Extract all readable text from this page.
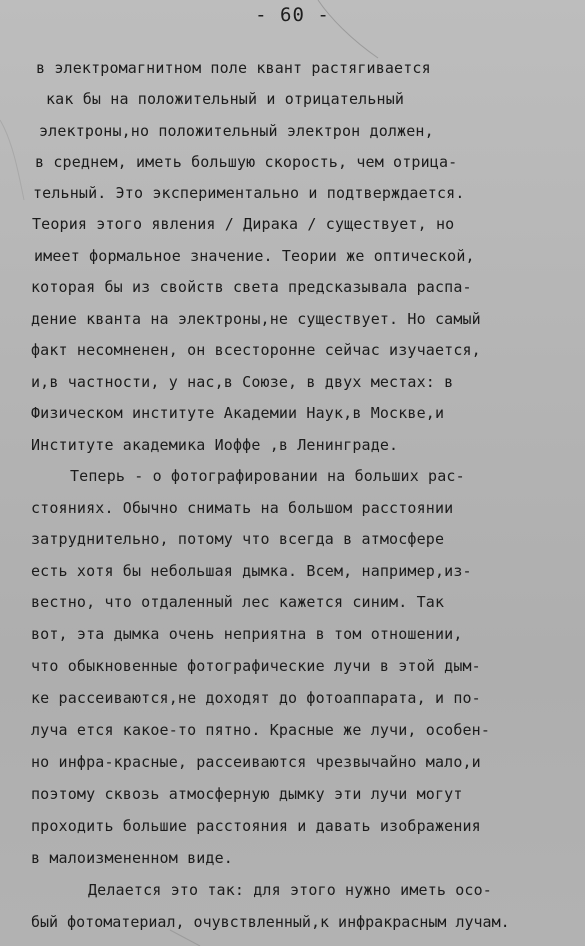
- 60 -
в электромагнитном поле квант растягивается
как бы на положительный и отрицательный
электроны,но положительный электрон должен,
в среднем, иметь большую скорость, чем отрица-
тельный. Это экспериментально и подтверждается.
Теория этого явления / Дирака / существует, но
имеет формальное значение. Теории же оптической,
которая бы из свойств света предсказывала распа-
дение кванта на электроны,не существует. Но самый
факт несомненен, он всесторонне сейчас изучается,
и,в частности, у нас,в Союзе, в двух местах: в
Физическом институте Академии Наук,в Москве,и
Институте академика Иоффе ,в Ленинграде.
Теперь - о фотографировании на больших рас-
стояниях. Обычно снимать на большом расстоянии
затруднительно, потому что всегда в атмосфере
есть хотя бы небольшая дымка. Всем, например,из-
вестно, что отдаленный лес кажется синим. Так
вот, эта дымка очень неприятна в том отношении,
что обыкновенные фотографические лучи в этой дым-
ке рассеиваются,не доходят до фотоаппарата, и по-
луча ется какое-то пятно. Красные же лучи, особен-
но инфра-красные, рассеиваются чрезвычайно мало,и
поэтому сквозь атмосферную дымку эти лучи могут
проходить большие расстояния и давать изображения
в малоизмененном виде.
Делается это так: для этого нужно иметь осо-
бый фотоматериал, очувствленный,к инфракрасным лучам.
